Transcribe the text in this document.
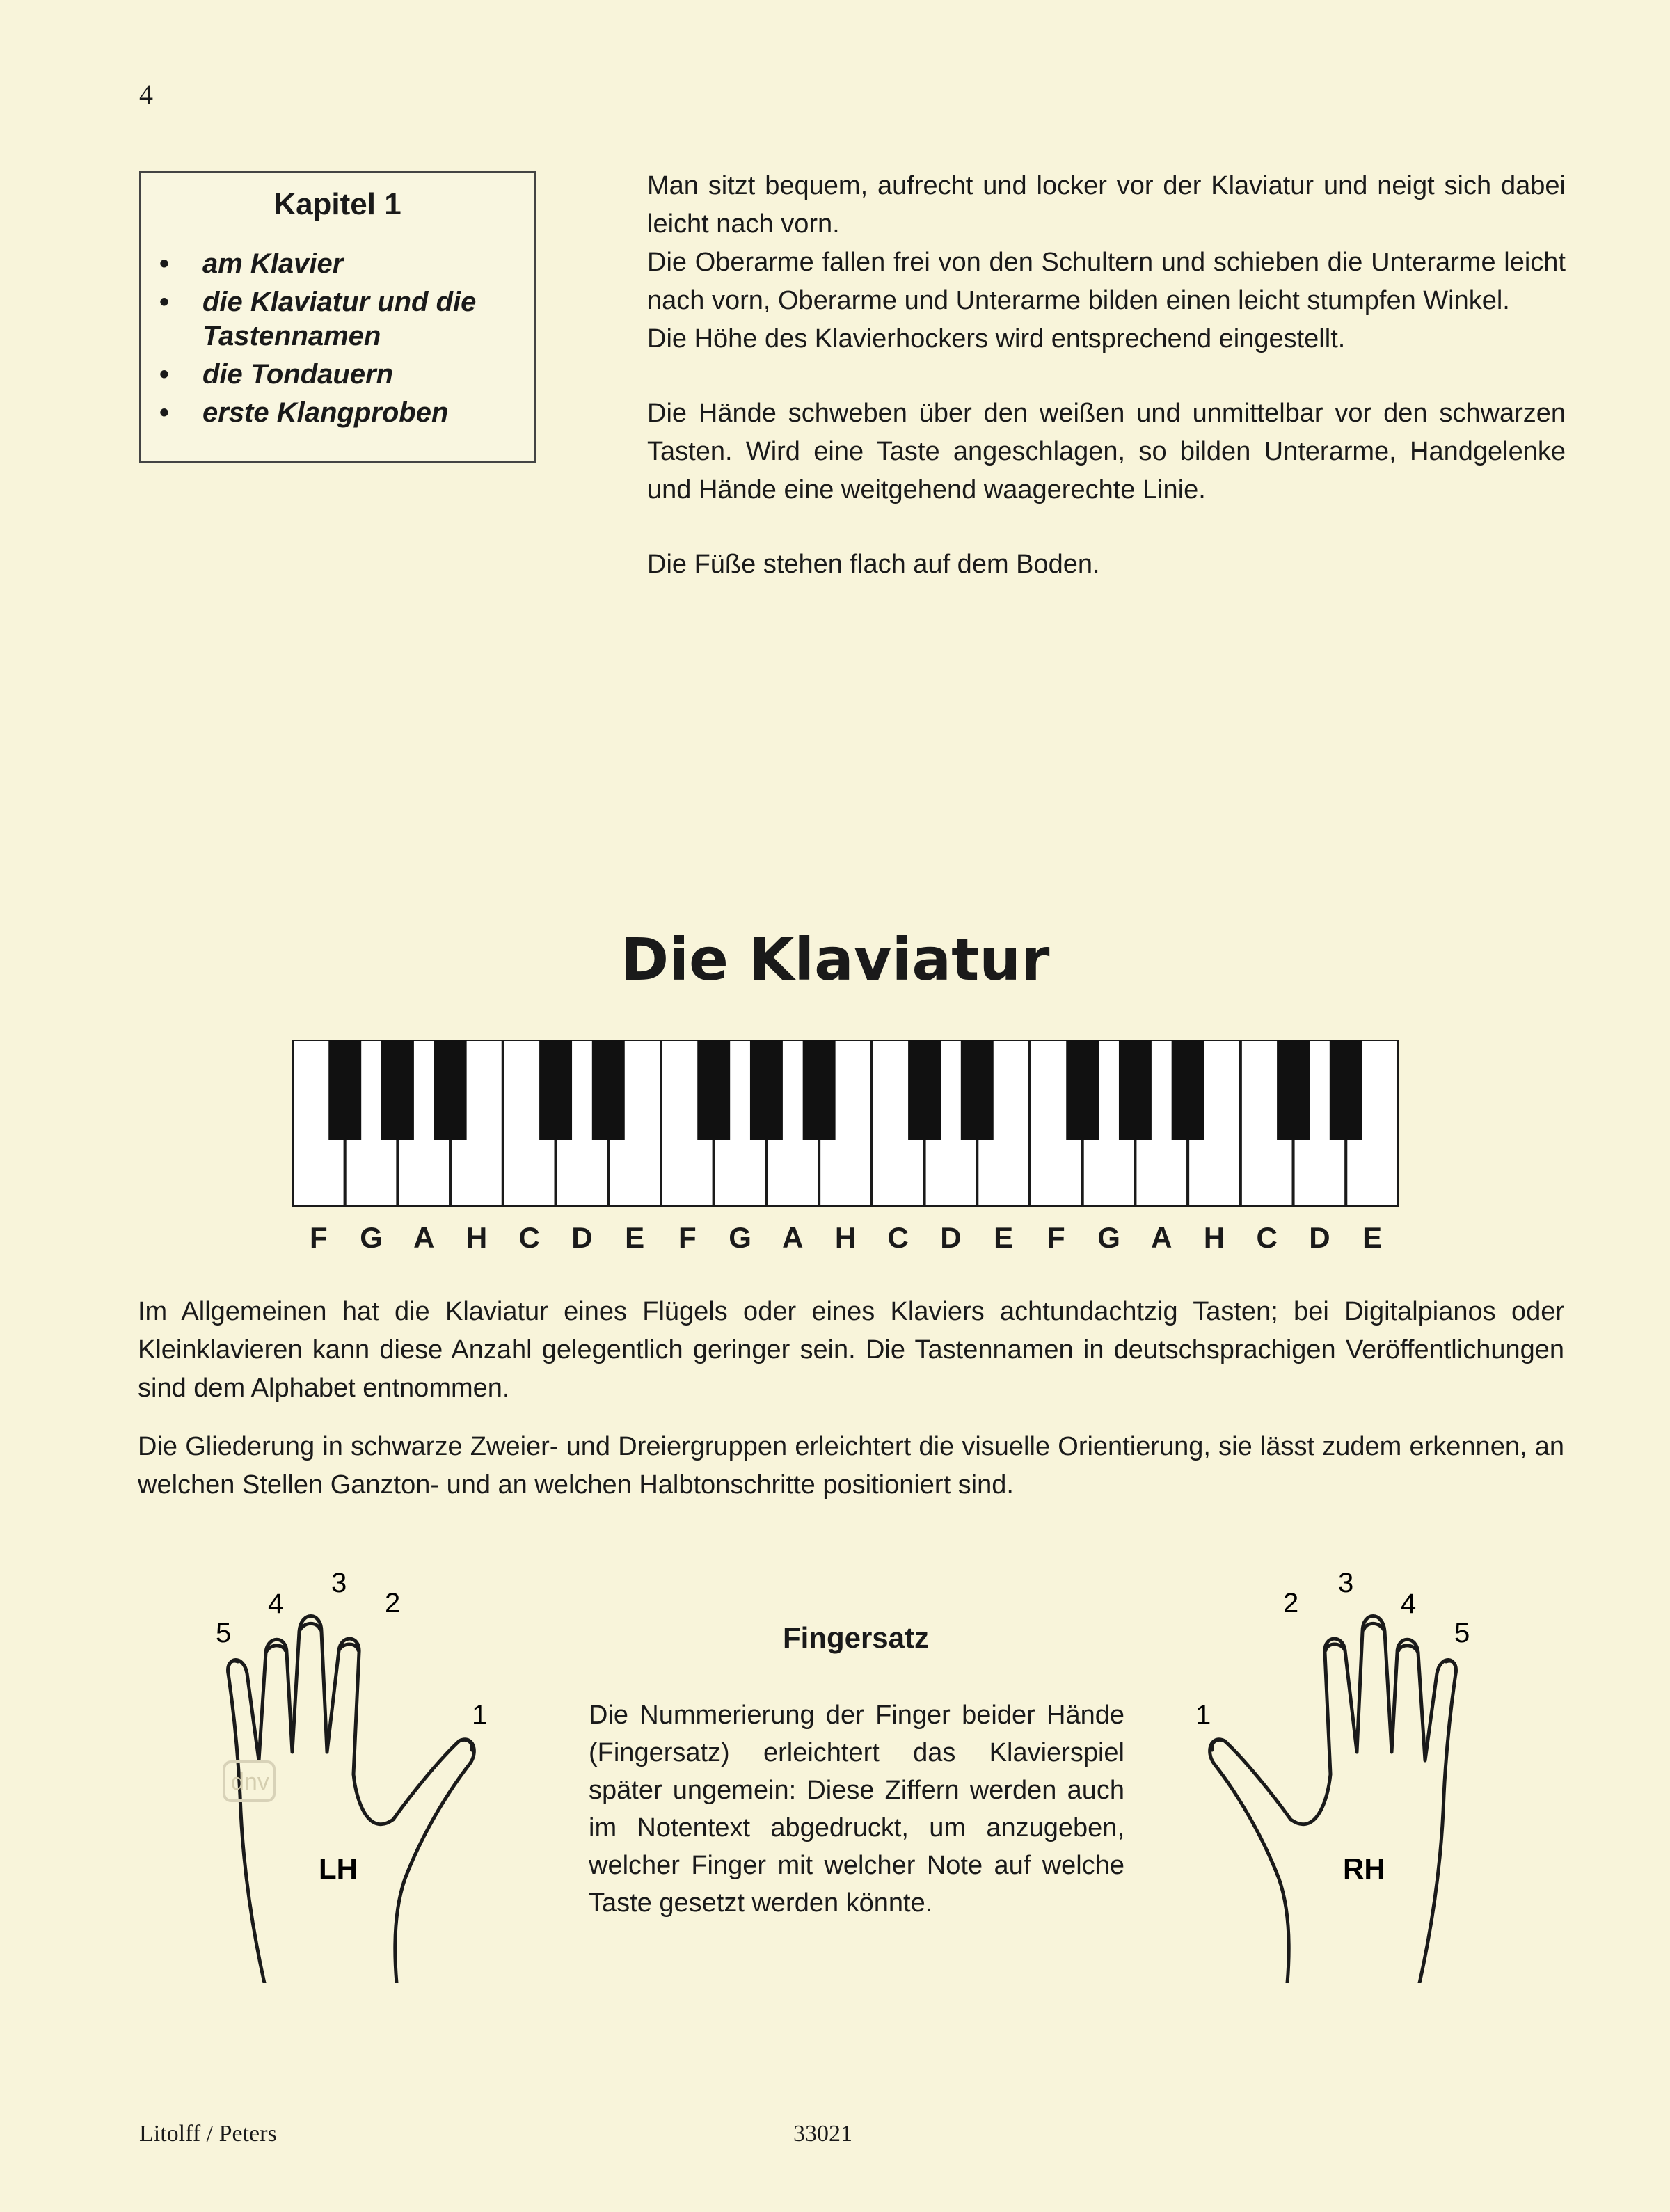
4
Kapitel 1
• am Klavier
• die Klaviatur und die Tastennamen
• die Tondauern
• erste Klangproben

Man sitzt bequem, aufrecht und locker vor der Klaviatur und neigt sich dabei leicht nach vorn.

Die Oberarme fallen frei von den Schultern und schieben die Unterarme leicht nach vorn, Oberarme und Unterarme bilden einen leicht stumpfen Winkel.

Die Höhe des Klavierhockers wird entsprechend eingestellt.

Die Hände schweben über den weißen und unmittelbar vor den schwarzen Tasten. Wird eine Taste angeschlagen, so bilden Unterarme, Handgelenke und Hände eine weitgehend waagerechte Linie.

Die Füße stehen flach auf dem Boden.

Die Klaviatur
F	G	A	H	C	D	E	F	G	A	H	C	D	E	F	G	A	H	C	D	E
Im Allgemeinen hat die Klaviatur eines Flügels oder eines Klaviers achtundachtzig Tasten; bei Digitalpianos oder Kleinklavieren kann diese Anzahl gelegentlich geringer sein. Die Tastennamen in deutschsprachigen Veröffentlichungen sind dem Alphabet entnommen.
Die Gliederung in schwarze Zweier- und Dreiergruppen erleichtert die visuelle Orientierung, sie lässt zudem erkennen, an welchen Stellen Ganzton- und an welchen Halbtonschritte positioniert sind.
5
4
3
2
1
LH
dnv
Fingersatz
Die Nummerierung der Finger beider Hände (Fingersatz) erleichtert das Klavierspiel später ungemein: Diese Ziffern werden auch im Notentext abgedruckt, um anzugeben, welcher Finger mit welcher Note auf welche Taste gesetzt werden könnte.
1
2
3
4
5
RH
Litolff / Peters	33021
